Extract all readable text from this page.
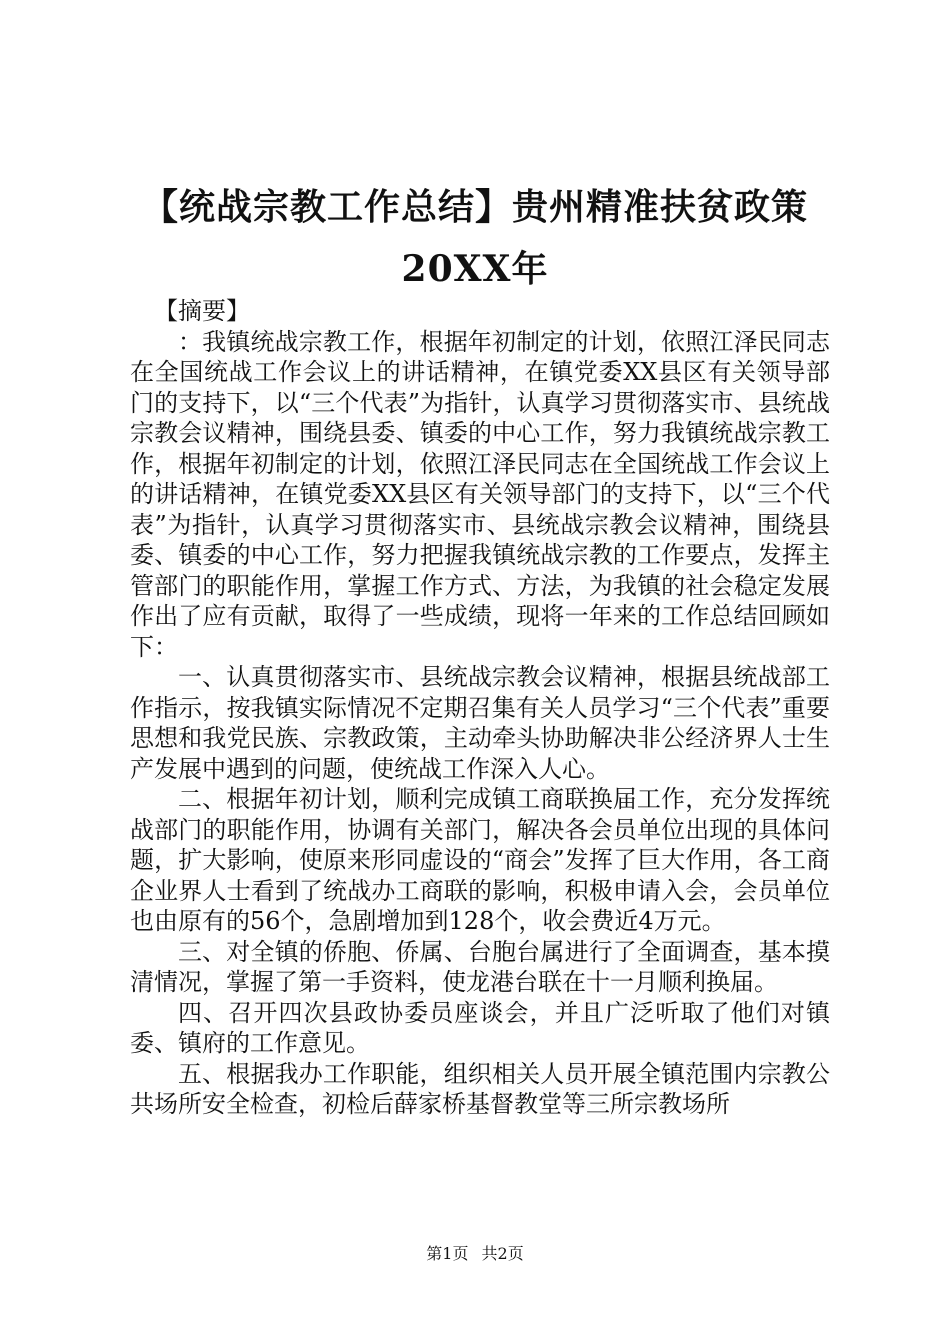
【统战宗教工作总结】贵州精准扶贫政策
20XX年

【摘要】

：我镇统战宗教工作，根据年初制定的计划，依照江泽民同志在全国统战工作会议上的讲话精神，在镇党委XX县区有关领导部门的支持下，以“三个代表”为指针，认真学习贯彻落实市、县统战宗教会议精神，围绕县委、镇委的中心工作，努力我镇统战宗教工作，根据年初制定的计划，依照江泽民同志在全国统战工作会议上的讲话精神，在镇党委XX县区有关领导部门的支持下，以“三个代表”为指针，认真学习贯彻落实市、县统战宗教会议精神，围绕县委、镇委的中心工作，努力把握我镇统战宗教的工作要点，发挥主管部门的职能作用，掌握工作方式、方法，为我镇的社会稳定发展作出了应有贡献，取得了一些成绩，现将一年来的工作总结回顾如下：

一、认真贯彻落实市、县统战宗教会议精神，根据县统战部工作指示，按我镇实际情况不定期召集有关人员学习“三个代表”重要思想和我党民族、宗教政策，主动牵头协助解决非公经济界人士生产发展中遇到的问题，使统战工作深入人心。

二、根据年初计划，顺利完成镇工商联换届工作，充分发挥统战部门的职能作用，协调有关部门，解决各会员单位出现的具体问题，扩大影响，使原来形同虚设的“商会”发挥了巨大作用，各工商企业界人士看到了统战办工商联的影响，积极申请入会，会员单位也由原有的56个，急剧增加到128个，收会费近4万元。

三、对全镇的侨胞、侨属、台胞台属进行了全面调查，基本摸清情况，掌握了第一手资料，使龙港台联在十一月顺利换届。

四、召开四次县政协委员座谈会，并且广泛听取了他们对镇委、镇府的工作意见。

五、根据我办工作职能，组织相关人员开展全镇范围内宗教公共场所安全检查，初检后薛家桥基督教堂等三所宗教场所

第1页 共2页
